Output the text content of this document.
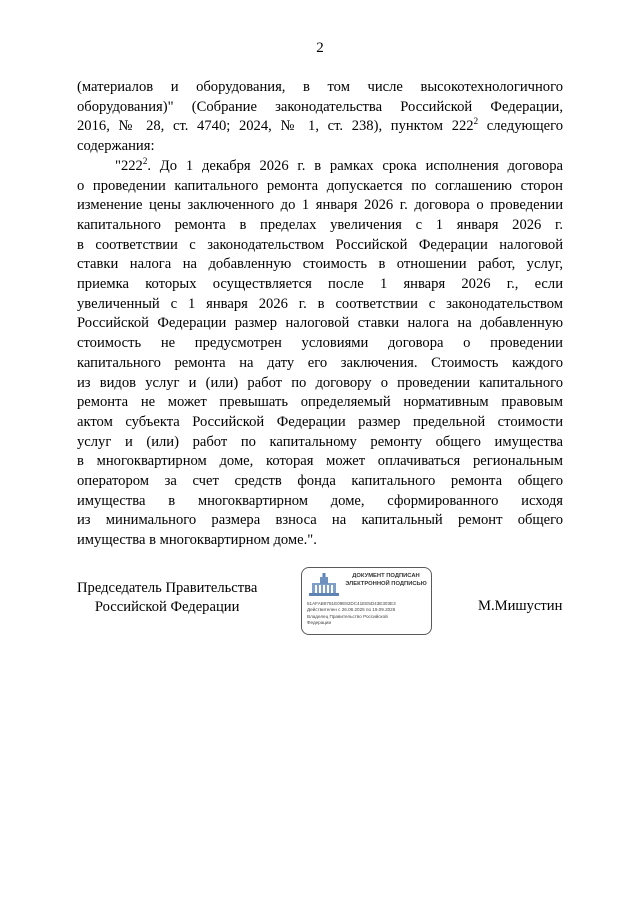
2
(материалов и оборудования, в том числе высокотехнологичного
оборудования)" (Собрание законодательства Российской Федерации,
2016, № 28, ст. 4740; 2024, № 1, ст. 238), пунктом $222^2$ следующего
содержания:
"$222^2$. До 1 декабря 2026 г. в рамках срока исполнения договора
о проведении капитального ремонта допускается по соглашению сторон
изменение цены заключенного до 1 января 2026 г. договора о проведении
капитального ремонта в пределах увеличения с 1 января 2026 г.
в соответствии с законодательством Российской Федерации налоговой
ставки налога на добавленную стоимость в отношении работ, услуг,
приемка которых осуществляется после 1 января 2026 г., если
увеличенный с 1 января 2026 г. в соответствии с законодательством
Российской Федерации размер налоговой ставки налога на добавленную
стоимость не предусмотрен условиями договора о проведении
капитального ремонта на дату его заключения. Стоимость каждого
из видов услуг и (или) работ по договору о проведении капитального
ремонта не может превышать определяемый нормативным правовым
актом субъекта Российской Федерации размер предельной стоимости
услуг и (или) работ по капитальному ремонту общего имущества
в многоквартирном доме, которая может оплачиваться региональным
оператором за счет средств фонда капитального ремонта общего
имущества в многоквартирном доме, сформированного исходя
из минимального размера взноса на капитальный ремонт общего
имущества в многоквартирном доме.".
Председатель Правительства
Российской Федерации
ДОКУМЕНТ ПОДПИСАН
ЭЛЕКТРОННОЙ ПОДПИСЬЮ
51AFAB8781E09E82DC41EE5D43E303E3
Действителен с 26.06.2025 по 19.09.2026
Владелец Правительство Российской
Федерации
М.Мишустин
